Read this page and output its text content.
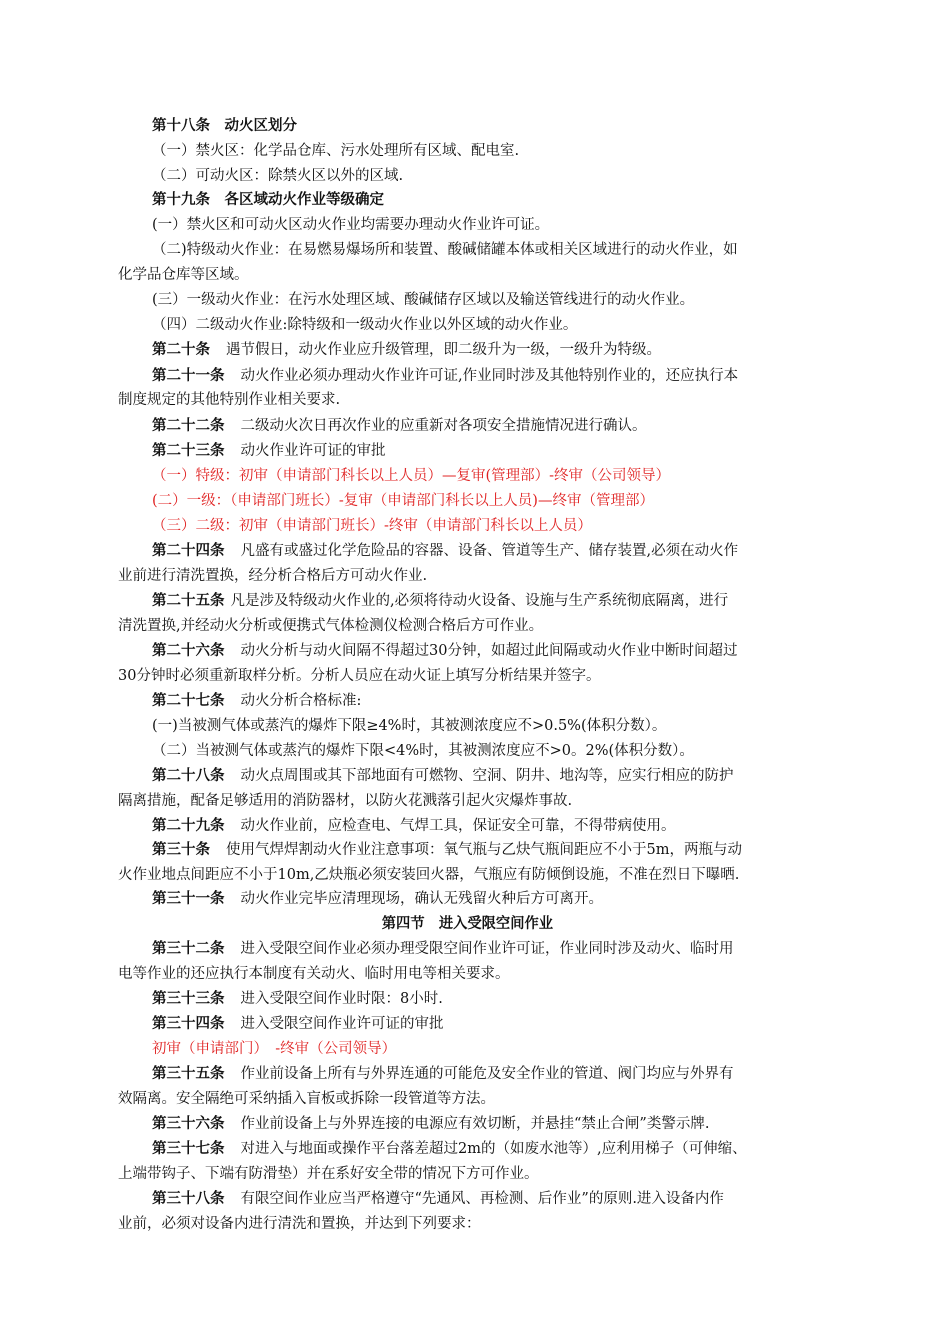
第十八条　动火区划分
（一）禁火区：化学品仓库、污水处理所有区域、配电室.
（二）可动火区：除禁火区以外的区域.
第十九条　各区域动火作业等级确定
(一）禁火区和可动火区动火作业均需要办理动火作业许可证。
（二)特级动火作业：在易燃易爆场所和装置、酸碱储罐本体或相关区域进行的动火作业，如
化学品仓库等区域。
(三）一级动火作业：在污水处理区域、酸碱储存区域以及输送管线进行的动火作业。
（四）二级动火作业:除特级和一级动火作业以外区域的动火作业。
第二十条 遇节假日，动火作业应升级管理，即二级升为一级，一级升为特级。
第二十一条 动火作业必须办理动火作业许可证,作业同时涉及其他特别作业的，还应执行本
制度规定的其他特别作业相关要求.
第二十二条 二级动火次日再次作业的应重新对各项安全措施情况进行确认。
第二十三条 动火作业许可证的审批
（一）特级：初审（申请部门科长以上人员）—复审(管理部）-终审（公司领导）
(二）一级：（申请部门班长）-复审（申请部门科长以上人员)—终审（管理部）
（三）二级：初审（申请部门班长）-终审（申请部门科长以上人员）
第二十四条 凡盛有或盛过化学危险品的容器、设备、管道等生产、储存装置,必须在动火作
业前进行清洗置换，经分析合格后方可动火作业.
第二十五条 凡是涉及特级动火作业的,必须将待动火设备、设施与生产系统彻底隔离，进行
清洗置换,并经动火分析或便携式气体检测仪检测合格后方可作业。
第二十六条 动火分析与动火间隔不得超过30分钟，如超过此间隔或动火作业中断时间超过
30分钟时必须重新取样分析。分析人员应在动火证上填写分析结果并签字。
第二十七条 动火分析合格标准:
(一)当被测气体或蒸汽的爆炸下限≥4%时，其被测浓度应不>0.5%(体积分数）。
（二）当被测气体或蒸汽的爆炸下限<4%时，其被测浓度应不>0。2%(体积分数）。
第二十八条 动火点周围或其下部地面有可燃物、空洞、阴井、地沟等，应实行相应的防护
隔离措施，配备足够适用的消防器材，以防火花溅落引起火灾爆炸事故.
第二十九条 动火作业前，应检查电、气焊工具，保证安全可靠，不得带病使用。
第三十条 使用气焊焊割动火作业注意事项：氧气瓶与乙炔气瓶间距应不小于5m，两瓶与动
火作业地点间距应不小于10m,乙炔瓶必须安装回火器，气瓶应有防倾倒设施，不准在烈日下曝晒.
第三十一条 动火作业完毕应清理现场，确认无残留火种后方可离开。
第四节　进入受限空间作业
第三十二条 进入受限空间作业必须办理受限空间作业许可证，作业同时涉及动火、临时用
电等作业的还应执行本制度有关动火、临时用电等相关要求。
第三十三条 进入受限空间作业时限：8小时.
第三十四条 进入受限空间作业许可证的审批
初审（申请部门）　-终审（公司领导）
第三十五条 作业前设备上所有与外界连通的可能危及安全作业的管道、阀门均应与外界有
效隔离。安全隔绝可采纳插入盲板或拆除一段管道等方法。
第三十六条 作业前设备上与外界连接的电源应有效切断，并悬挂“禁止合闸”类警示牌.
第三十七条 对进入与地面或操作平台落差超过2m的（如废水池等）,应利用梯子（可伸缩、
上端带钩子、下端有防滑垫）并在系好安全带的情况下方可作业。
第三十八条 有限空间作业应当严格遵守“先通风、再检测、后作业”的原则.进入设备内作
业前，必须对设备内进行清洗和置换，并达到下列要求：
